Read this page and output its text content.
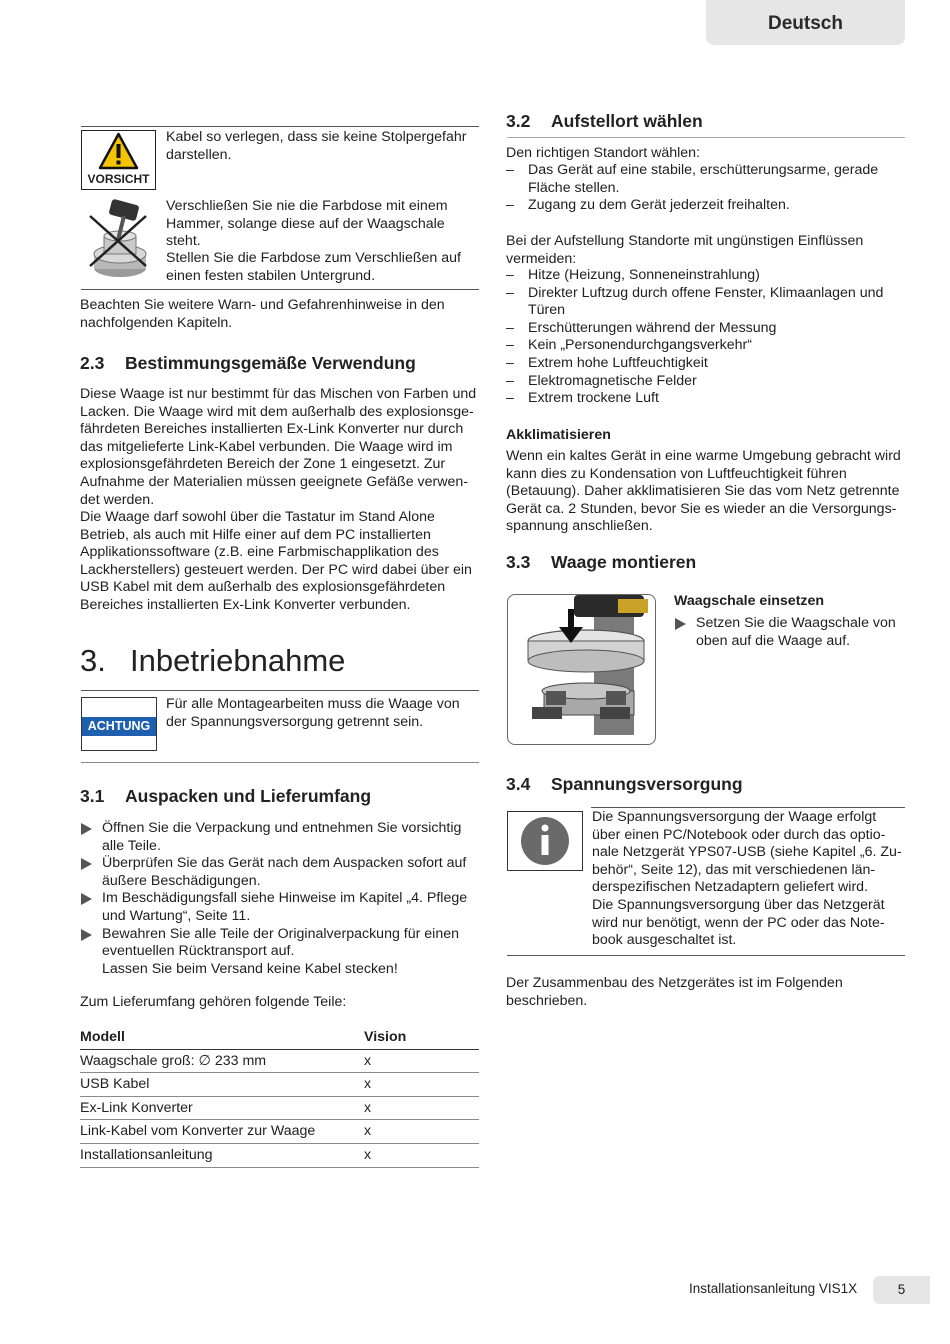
Deutsch
VORSICHT

Kabel so verlegen, dass sie keine Stolpergefahr darstellen.

Verschließen Sie nie die Farbdose mit einem Hammer, solange diese auf der Waagschale steht.

Stellen Sie die Farbdose zum Verschließen auf einen festen stabilen Untergrund.

Beachten Sie weitere Warn- und Gefahrenhinweise in den nachfolgenden Kapiteln.

2.3 Bestimmungsgemäße Verwendung

Diese Waage ist nur bestimmt für das Mischen von Farben und Lacken. Die Waage wird mit dem außerhalb des explosionsgefährdeten Bereiches installierten Ex-Link Konverter nur durch das mitgelieferte Link-Kabel verbunden. Die Waage wird im explosionsgefährdeten Bereich der Zone 1 eingesetzt. Zur Aufnahme der Materialien müssen geeignete Gefäße verwendet werden.

Die Waage darf sowohl über die Tastatur im Stand Alone Betrieb, als auch mit Hilfe einer auf dem PC installierten Applikationssoftware (z.B. eine Farbmischapplikation des Lackherstellers) gesteuert werden. Der PC wird dabei über ein USB Kabel mit dem außerhalb des explosionsgefährdeten Bereiches installierten Ex-Link Konverter verbunden.

3. Inbetriebnahme
ACHTUNG

Für alle Montagearbeiten muss die Waage von der Spannungsversorgung getrennt sein.

3.1 Auspacken und Lieferumfang
Öffnen Sie die Verpackung und entnehmen Sie vorsichtig alle Teile.
Überprüfen Sie das Gerät nach dem Auspacken sofort auf äußere Beschädigungen.
Im Beschädigungsfall siehe Hinweise im Kapitel „4. Pflege und Wartung“, Seite 11.
Bewahren Sie alle Teile der Originalverpackung für einen eventuellen Rücktransport auf.
Lassen Sie beim Versand keine Kabel stecken!

Zum Lieferumfang gehören folgende Teile:

Modell	Vision
Waagschale groß: ∅ 233 mm	x
USB Kabel	x
Ex-Link Konverter	x
Link-Kabel vom Konverter zur Waage	x
Installationsanleitung	x
3.2 Aufstellort wählen

Den richtigen Standort wählen:

– Das Gerät auf eine stabile, erschütterungsarme, gerade Fläche stellen.
– Zugang zu dem Gerät jederzeit freihalten.

Bei der Aufstellung Standorte mit ungünstigen Einflüssen vermeiden:

– Hitze (Heizung, Sonneneinstrahlung)
– Direkter Luftzug durch offene Fenster, Klimaanlagen und Türen
– Erschütterungen während der Messung
– Kein „Personendurchgangsverkehr“
– Extrem hohe Luftfeuchtigkeit
– Elektromagnetische Felder
– Extrem trockene Luft

Akklimatisieren

Wenn ein kaltes Gerät in eine warme Umgebung gebracht wird kann dies zu Kondensation von Luftfeuchtigkeit führen (Betauung). Daher akklimatisieren Sie das vom Netz getrennte Gerät ca. 2 Stunden, bevor Sie es wieder an die Versorgungsspannung anschließen.

3.3 Waage montieren

Waagschale einsetzen

Setzen Sie die Waagschale von oben auf die Waage auf.
3.4 Spannungsversorgung

Die Spannungsversorgung der Waage erfolgt über einen PC/Notebook oder durch das optionale Netzgerät YPS07-USB (siehe Kapitel „6. Zubehör“, Seite 12), das mit verschiedenen länderspezifischen Netzadaptern geliefert wird.

Die Spannungsversorgung über das Netzgerät wird nur benötigt, wenn der PC oder das Notebook ausgeschaltet ist.

Der Zusammenbau des Netzgerätes ist im Folgenden beschrieben.

Installationsanleitung VIS1X	5
